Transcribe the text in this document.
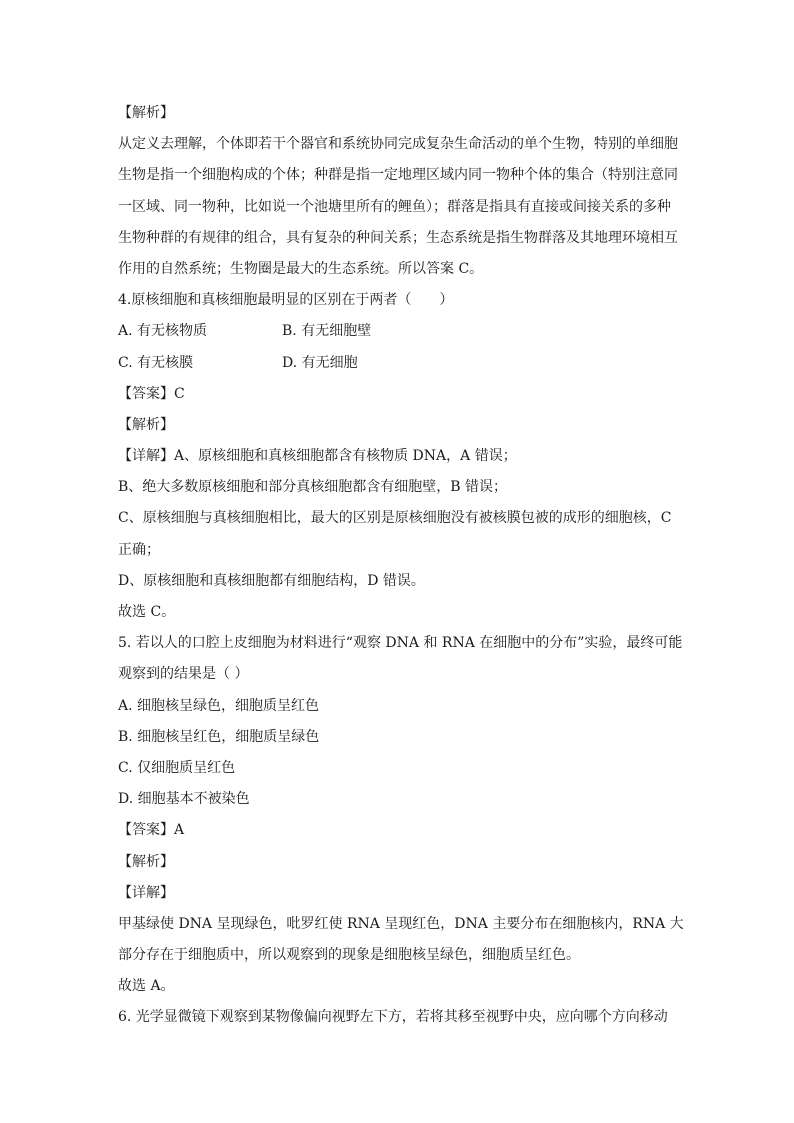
【解析】
从定义去理解，个体即若干个器官和系统协同完成复杂生命活动的单个生物，特别的单细胞
生物是指一个细胞构成的个体；种群是指一定地理区域内同一物种个体的集合（特别注意同
一区域、同一物种，比如说一个池塘里所有的鲤鱼）；群落是指具有直接或间接关系的多种
生物种群的有规律的组合，具有复杂的种间关系；生态系统是指生物群落及其地理环境相互
作用的自然系统；生物圈是最大的生态系统。所以答案 C。
4.原核细胞和真核细胞最明显的区别在于两者（　　）
A. 有无核物质	B. 有无细胞壁
C. 有无核膜	D. 有无细胞
【答案】C
【解析】
【详解】A、原核细胞和真核细胞都含有核物质 DNA，A 错误；
B、绝大多数原核细胞和部分真核细胞都含有细胞壁，B 错误；
C、原核细胞与真核细胞相比，最大的区别是原核细胞没有被核膜包被的成形的细胞核，C
正确；
D、原核细胞和真核细胞都有细胞结构，D 错误。
故选 C。
5. 若以人的口腔上皮细胞为材料进行“观察 DNA 和 RNA 在细胞中的分布”实验，最终可能
观察到的结果是（ ）
A. 细胞核呈绿色，细胞质呈红色
B. 细胞核呈红色，细胞质呈绿色
C. 仅细胞质呈红色
D. 细胞基本不被染色
【答案】A
【解析】
【详解】
甲基绿使 DNA 呈现绿色，吡罗红使 RNA 呈现红色，DNA 主要分布在细胞核内，RNA 大
部分存在于细胞质中，所以观察到的现象是细胞核呈绿色，细胞质呈红色。
故选 A。
6. 光学显微镜下观察到某物像偏向视野左下方，若将其移至视野中央，应向哪个方向移动
